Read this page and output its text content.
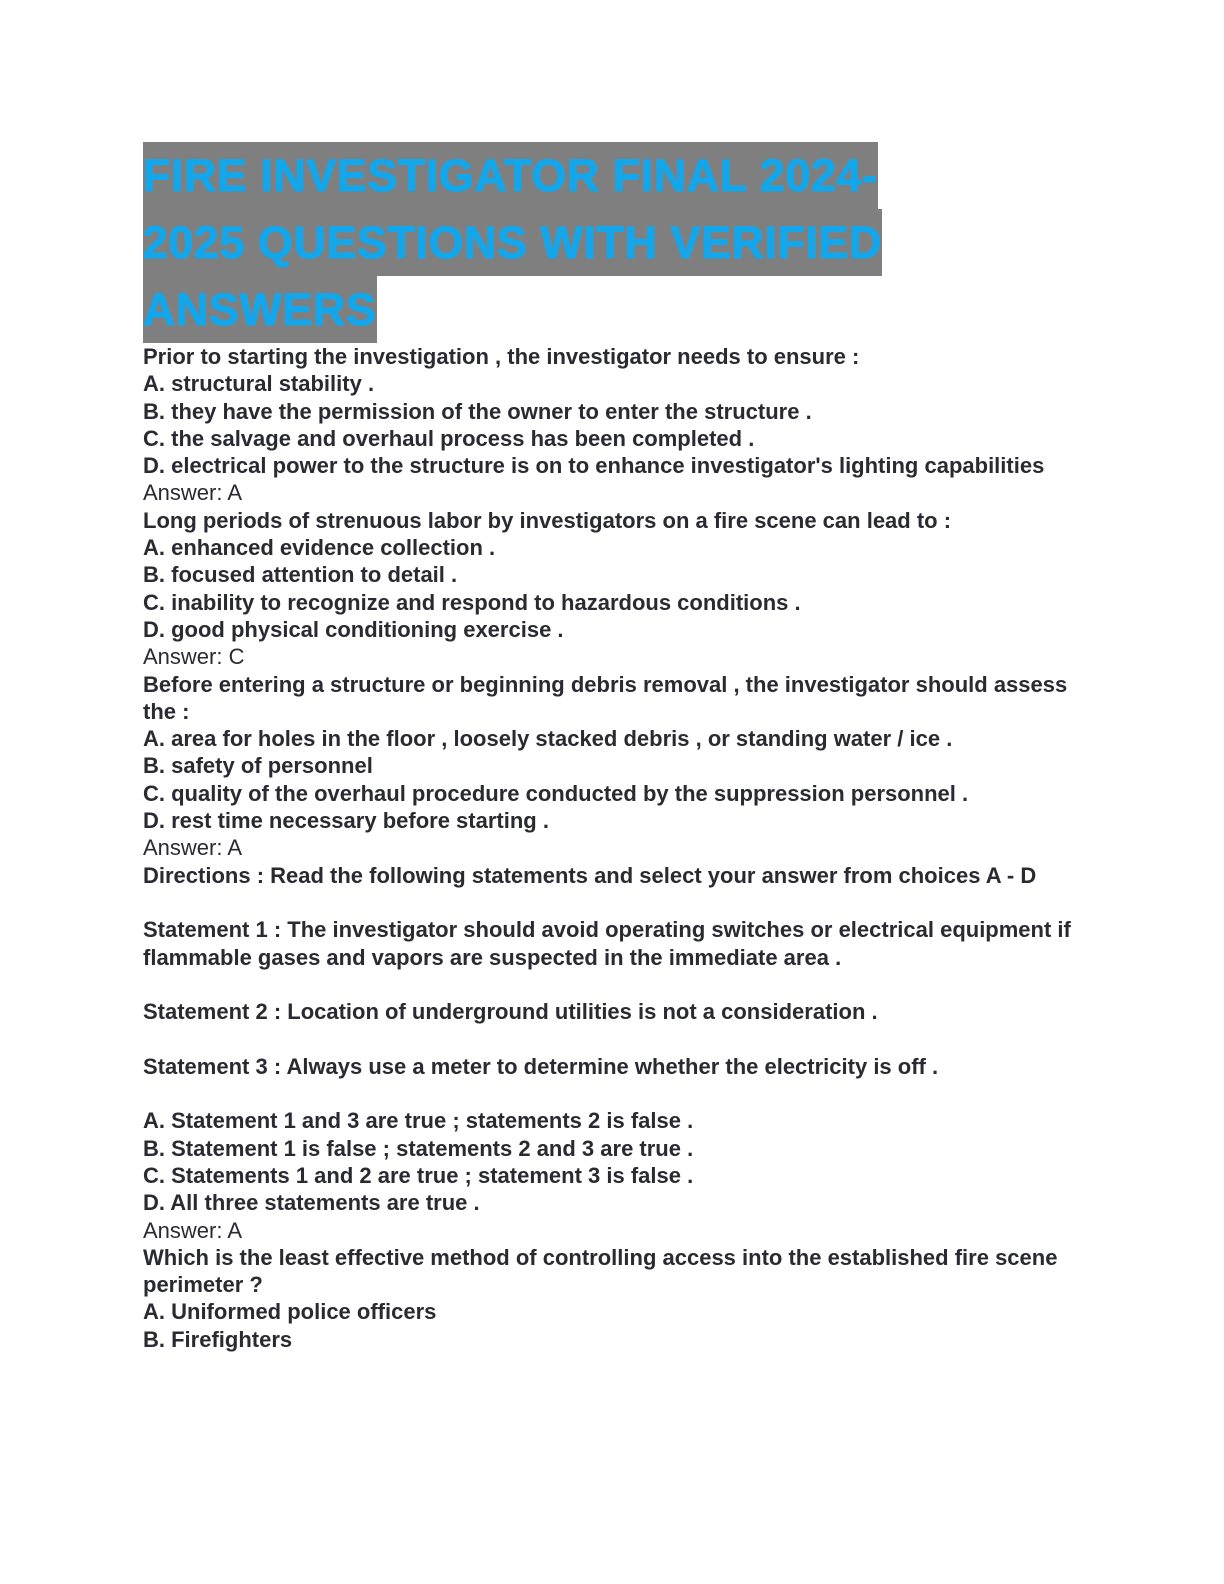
FIRE INVESTIGATOR FINAL 2024-
2025 QUESTIONS WITH VERIFIED
ANSWERS

Prior to starting the investigation , the investigator needs to ensure :

A. structural stability .

B. they have the permission of the owner to enter the structure .

C. the salvage and overhaul process has been completed .

D. electrical power to the structure is on to enhance investigator's lighting capabilities

Answer: A

Long periods of strenuous labor by investigators on a fire scene can lead to :

A. enhanced evidence collection .

B. focused attention to detail .

C. inability to recognize and respond to hazardous conditions .

D. good physical conditioning exercise .

Answer: C

Before entering a structure or beginning debris removal , the investigator should assess the :

A. area for holes in the floor , loosely stacked debris , or standing water / ice .

B. safety of personnel

C. quality of the overhaul procedure conducted by the suppression personnel .

D. rest time necessary before starting .

Answer: A

Directions : Read the following statements and select your answer from choices A - D

Statement 1 : The investigator should avoid operating switches or electrical equipment if flammable gases and vapors are suspected in the immediate area .

Statement 2 : Location of underground utilities is not a consideration .

Statement 3 : Always use a meter to determine whether the electricity is off .

A. Statement 1 and 3 are true ; statements 2 is false .

B. Statement 1 is false ; statements 2 and 3 are true .

C. Statements 1 and 2 are true ; statement 3 is false .

D. All three statements are true .

Answer: A

Which is the least effective method of controlling access into the established fire scene perimeter ?

A. Uniformed police officers

B. Firefighters
